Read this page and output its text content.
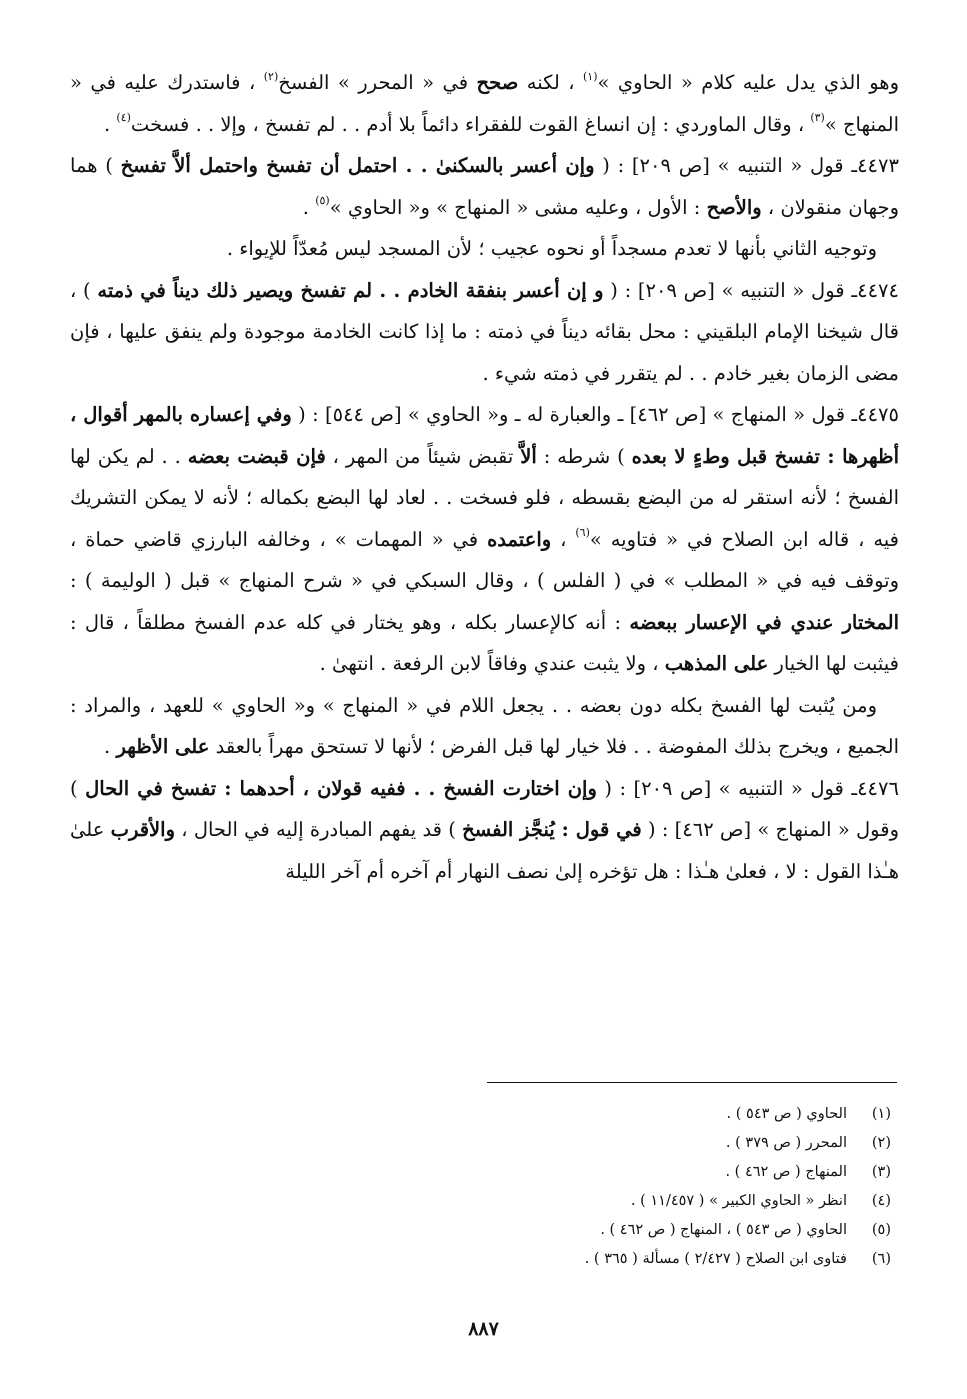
وهو الذي يدل عليه كلام « الحاوي »$^{(١)}$ ، لكنه صحح في « المحرر » الفسخ$^{(٢)}$ ، فاستدرك عليه في « المنهاج »$^{(٣)}$ ، وقال الماوردي : إن انساغ القوت للفقراء دائماً بلا أدم . . لم تفسخ ، وإلا . . فسخت$^{(٤)}$ .

٤٤٧٣ـ قول « التنبيه » [ص ٢٠٩] : ( وإن أعسر بالسكنىٰ . . احتمل أن تفسخ واحتمل ألاَّ تفسخ ) هما وجهان منقولان ، والأصح : الأول ، وعليه مشى « المنهاج » و« الحاوي »$^{(٥)}$ .

وتوجيه الثاني بأنها لا تعدم مسجداً أو نحوه عجيب ؛ لأن المسجد ليس مُعدّاً للإيواء .

٤٤٧٤ـ قول « التنبيه » [ص ٢٠٩] : ( و إن أعسر بنفقة الخادم . . لم تفسخ ويصير ذلك ديناً في ذمته ) ، قال شيخنا الإمام البلقيني : محل بقائه ديناً في ذمته : ما إذا كانت الخادمة موجودة ولم ينفق عليها ، فإن مضى الزمان بغير خادم . . لم يتقرر في ذمته شيء .

٤٤٧٥ـ قول « المنهاج » [ص ٤٦٢] ـ والعبارة له ـ و« الحاوي » [ص ٥٤٤] : ( وفي إعساره بالمهر أقوال ، أظهرها : تفسخ قبل وطءٍ لا بعده ) شرطه : ألاَّ تقبض شيئاً من المهر ، فإن قبضت بعضه . . لم يكن لها الفسخ ؛ لأنه استقر له من البضع بقسطه ، فلو فسخت . . لعاد لها البضع بكماله ؛ لأنه لا يمكن التشريك فيه ، قاله ابن الصلاح في « فتاويه »$^{(٦)}$ ، واعتمده في « المهمات » ، وخالفه البارزي قاضي حماة ، وتوقف فيه في « المطلب » في ( الفلس ) ، وقال السبكي في « شرح المنهاج » قبل ( الوليمة ) : المختار عندي في الإعسار ببعضه : أنه كالإعسار بكله ، وهو يختار في كله عدم الفسخ مطلقاً ، قال : فيثبت لها الخيار على المذهب ، ولا يثبت عندي وفاقاً لابن الرفعة . انتهىٰ .

ومن يُثبت لها الفسخ بكله دون بعضه . . يجعل اللام في « المنهاج » و« الحاوي » للعهد ، والمراد : الجميع ، ويخرج بذلك المفوضة . . فلا خيار لها قبل الفرض ؛ لأنها لا تستحق مهراً بالعقد على الأظهر .

٤٤٧٦ـ قول « التنبيه » [ص ٢٠٩] : ( وإن اختارت الفسخ . . ففيه قولان ، أحدهما : تفسخ في الحال ) وقول « المنهاج » [ص ٤٦٢] : ( في قول : يُنجَّز الفسخ ) قد يفهم المبادرة إليه في الحال ، والأقرب علىٰ هـٰذا القول : لا ، فعلىٰ هـٰذا : هل تؤخره إلىٰ نصف النهار أم آخره أم آخر الليلة

(١)الحاوي ( ص ٥٤٣ ) .
(٢)المحرر ( ص ٣٧٩ ) .
(٣)المنهاج ( ص ٤٦٢ ) .
(٤)انظر « الحاوي الكبير » ( ١١/٤٥٧ ) .
(٥)الحاوي ( ص ٥٤٣ ) ، المنهاج ( ص ٤٦٢ ) .
(٦)فتاوى ابن الصلاح ( ٢/٤٢٧ ) مسألة ( ٣٦٥ ) .
٨٨٧
